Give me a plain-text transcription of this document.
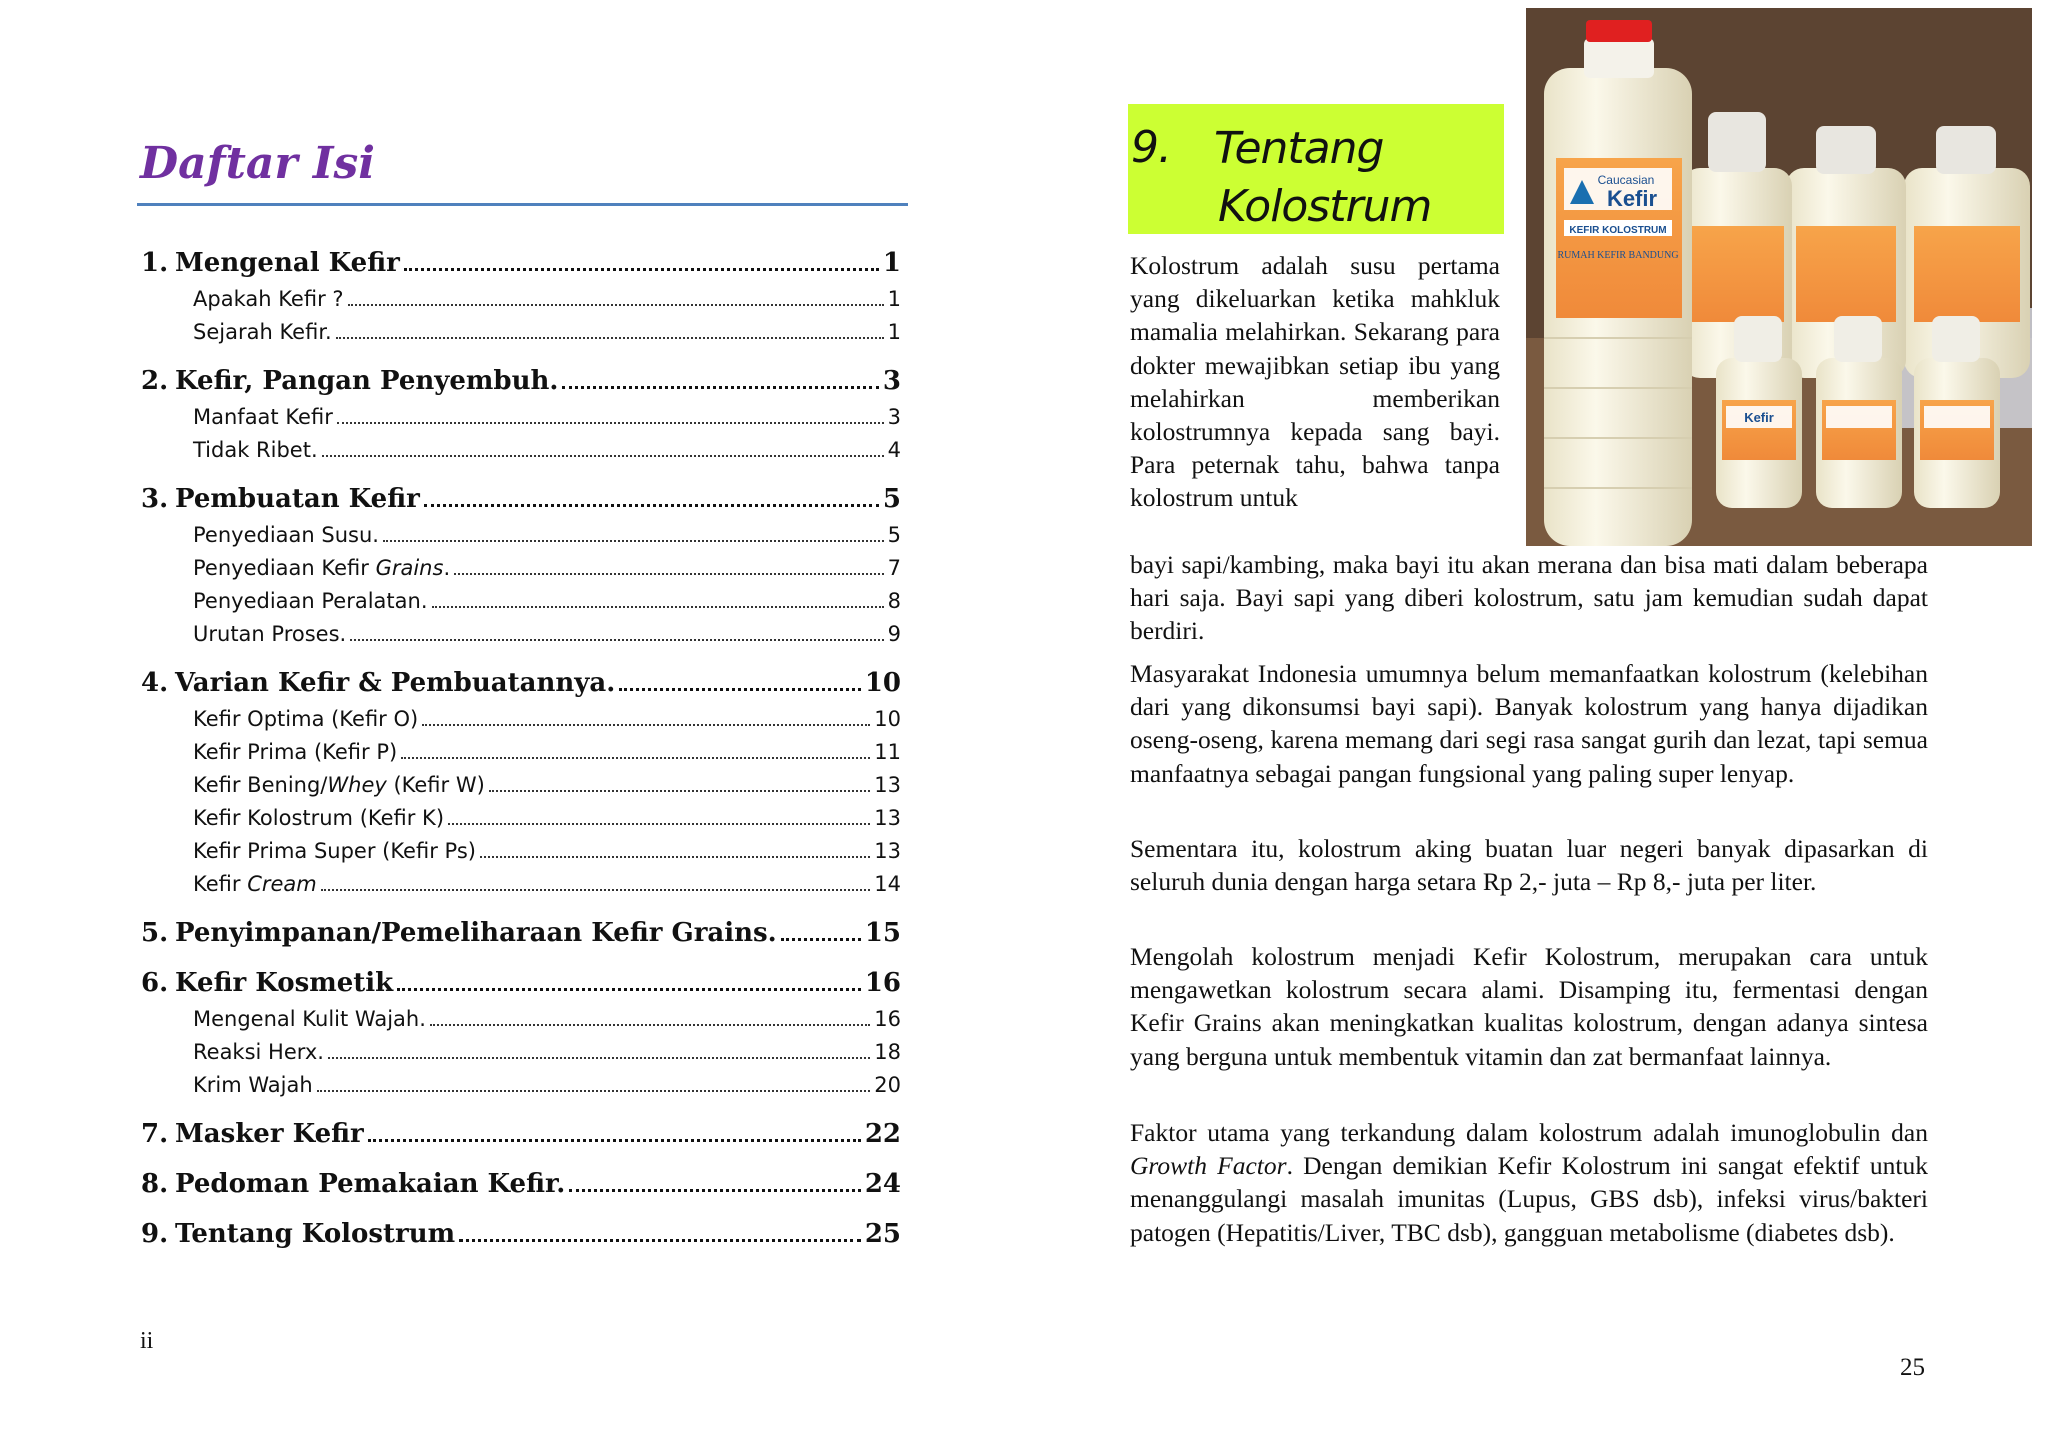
Daftar Isi
1. Mengenal Kefir	1
Apakah Kefir ?	1
Sejarah Kefir.	1
2. Kefir, Pangan Penyembuh.	3
Manfaat Kefir	3
Tidak Ribet.	4
3. Pembuatan Kefir	5
Penyediaan Susu.	5
Penyediaan Kefir Grains.	7
Penyediaan Peralatan.	8
Urutan Proses.	9
4. Varian Kefir & Pembuatannya.	10
Kefir Optima (Kefir O)	10
Kefir Prima (Kefir P)	11
Kefir Bening/Whey (Kefir W)	13
Kefir Kolostrum (Kefir K)	13
Kefir Prima Super (Kefir Ps)	13
Kefir Cream	14
5. Penyimpanan/Pemeliharaan Kefir Grains.	15
6. Kefir Kosmetik	16
Mengenal Kulit Wajah.	16
Reaksi Herx.	18
Krim Wajah	20
7. Masker Kefir	22
8. Pedoman Pemakaian Kefir.	24
9. Tentang Kolostrum	25
ii
9. Tentang
Kolostrum
Caucasian
Kefir
KEFIR KOLOSTRUM
RUMAH KEFIR BANDUNG
Kefir

Kolostrum adalah susu pertama yang dikeluarkan ketika mahkluk mamalia melahirkan. Sekarang para dokter mewajibkan setiap ibu yang melahirkan memberikan kolostrumnya kepada sang bayi. Para peternak tahu, bahwa tanpa kolostrum untuk

bayi sapi/kambing, maka bayi itu akan merana dan bisa mati dalam beberapa hari saja. Bayi sapi yang diberi kolostrum, satu jam kemudian sudah dapat berdiri.

Masyarakat Indonesia umumnya belum memanfaatkan kolostrum (kelebihan dari yang dikonsumsi bayi sapi). Banyak kolostrum yang hanya dijadikan oseng-oseng, karena memang dari segi rasa sangat gurih dan lezat, tapi semua manfaatnya sebagai pangan fungsional yang paling super lenyap.

Sementara itu, kolostrum aking buatan luar negeri banyak dipasarkan di seluruh dunia dengan harga setara Rp 2,- juta – Rp 8,- juta per liter.

Mengolah kolostrum menjadi Kefir Kolostrum, merupakan cara untuk mengawetkan kolostrum secara alami. Disamping itu, fermentasi dengan Kefir Grains akan meningkatkan kualitas kolostrum, dengan adanya sintesa yang berguna untuk membentuk vitamin dan zat bermanfaat lainnya.

Faktor utama yang terkandung dalam kolostrum adalah imunoglobulin dan Growth Factor. Dengan demikian Kefir Kolostrum ini sangat efektif untuk menanggulangi masalah imunitas (Lupus, GBS dsb), infeksi virus/bakteri patogen (Hepatitis/Liver, TBC dsb), gangguan metabolisme (diabetes dsb).

25
